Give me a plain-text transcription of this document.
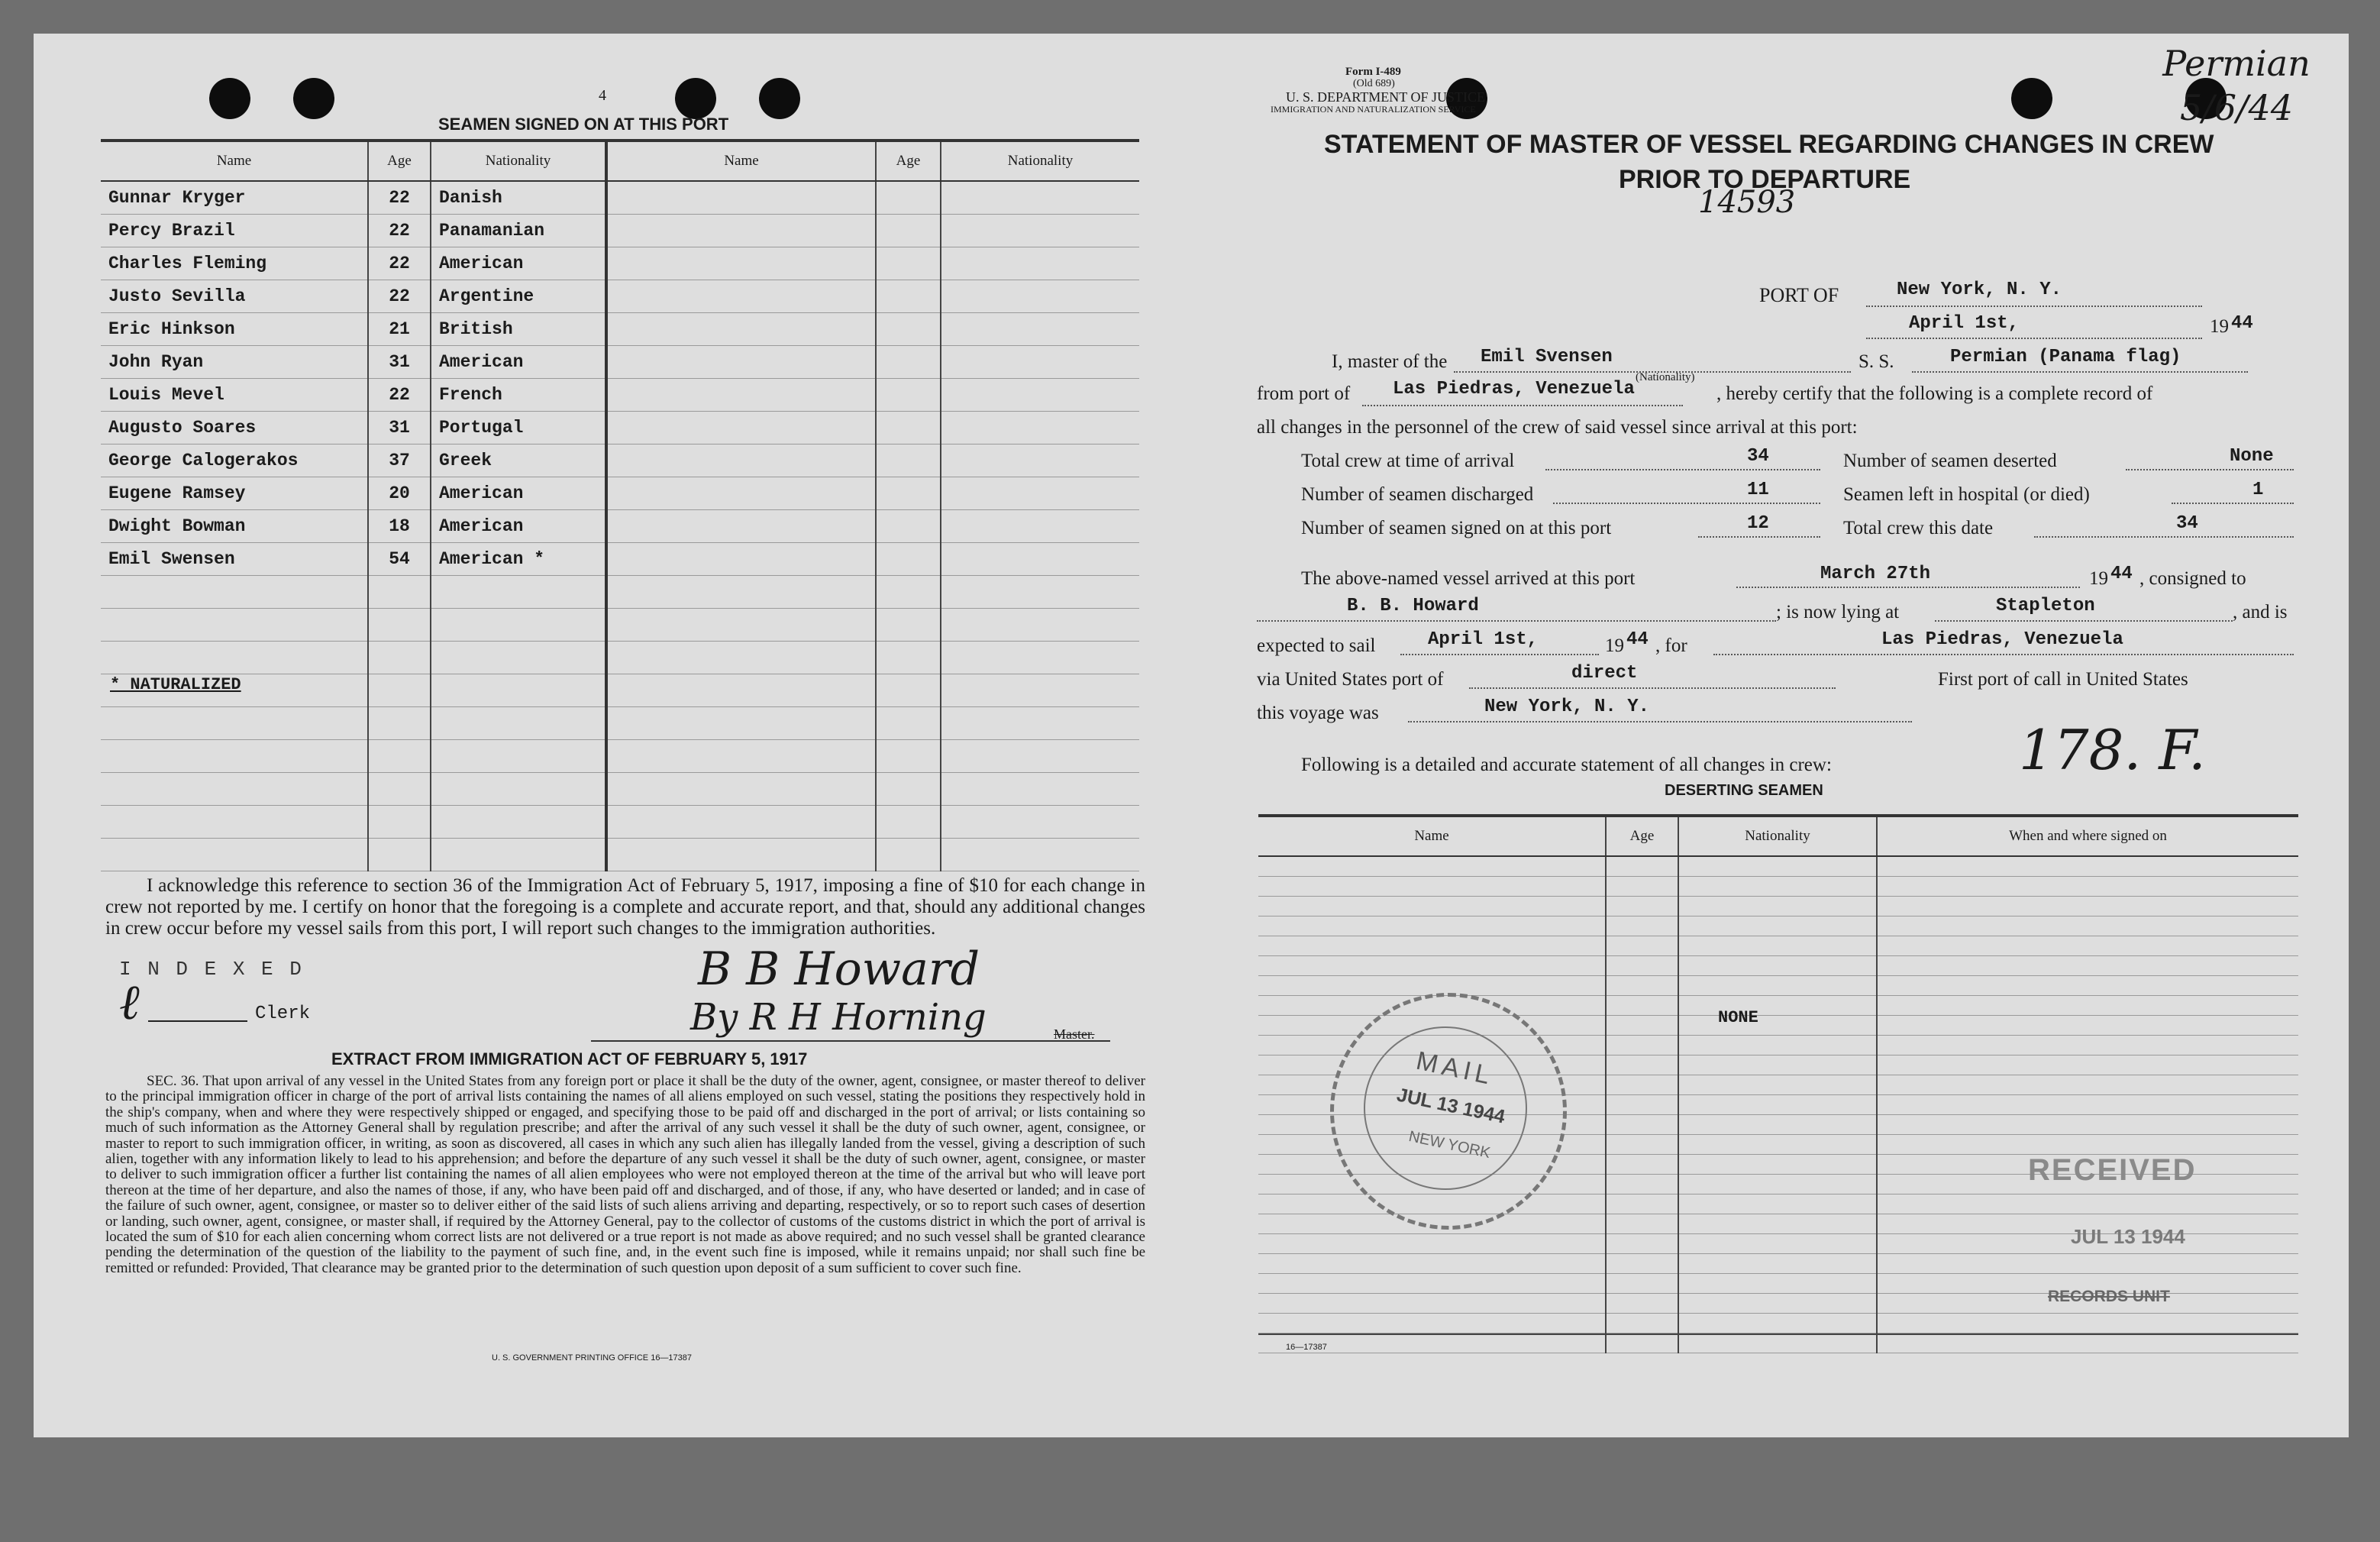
4
SEAMEN SIGNED ON AT THIS PORT
Name	Age	Nationality	Name	Age	Nationality
Gunnar Kryger	22	Danish			
Percy Brazil	22	Panamanian			
Charles Fleming	22	American			
Justo Sevilla	22	Argentine			
Eric Hinkson	21	British			
John Ryan	31	American			
Louis Mevel	22	French			
Augusto Soares	31	Portugal			
George Calogerakos	37	Greek			
Eugene Ramsey	20	American			
Dwight Bowman	18	American			
Emil Swensen	54	American *			

* NATURALIZED
I acknowledge this reference to section 36 of the Immigration Act of February 5, 1917, imposing a fine of $10 for each change in crew not reported by me. I certify on honor that the foregoing is a complete and accurate report, and that, should any additional changes in crew occur before my vessel sails from this port, I will report such changes to the immigration authorities.
I N D E X E D
ℓ	Clerk
B B Howard
By R H Horning	Master.
EXTRACT FROM IMMIGRATION ACT OF FEBRUARY 5, 1917
SEC. 36. That upon arrival of any vessel in the United States from any foreign port or place it shall be the duty of the owner, agent, consignee, or master thereof to deliver to the principal immigration officer in charge of the port of arrival lists containing the names of all aliens employed on such vessel, stating the positions they respectively hold in the ship's company, when and where they were respectively shipped or engaged, and specifying those to be paid off and discharged in the port of arrival; or lists containing so much of such information as the Attorney General shall by regulation prescribe; and after the arrival of any such vessel it shall be the duty of such owner, agent, consignee, or master to report to such immigration officer, in writing, as soon as discovered, all cases in which any such alien has illegally landed from the vessel, giving a description of such alien, together with any information likely to lead to his apprehension; and before the departure of any such vessel it shall be the duty of such owner, agent, consignee, or master to deliver to such immigration officer a further list containing the names of all alien employees who were not employed thereon at the time of the arrival but who will leave port thereon at the time of her departure, and also the names of those, if any, who have been paid off and discharged, and of those, if any, who have deserted or landed; and in case of the failure of such owner, agent, consignee, or master so to deliver either of the said lists of such aliens arriving and departing, respectively, or so to report such cases of desertion or landing, such owner, agent, consignee, or master shall, if required by the Attorney General, pay to the collector of customs of the customs district in which the port of arrival is located the sum of $10 for each alien concerning whom correct lists are not delivered or a true report is not made as above required; and no such vessel shall be granted clearance pending the determination of the question of the liability to the payment of such fine, and, in the event such fine is imposed, while it remains unpaid; nor shall such fine be remitted or refunded: Provided, That clearance may be granted prior to the determination of such question upon deposit of a sum sufficient to cover such fine.
U. S. GOVERNMENT PRINTING OFFICE 16—17387
Form I-489
(Old 689)
U. S. DEPARTMENT OF JUSTICE
IMMIGRATION AND NATURALIZATION SERVICE
Permian 5/6/44
STATEMENT OF MASTER OF VESSEL REGARDING CHANGES IN CREW
PRIOR TO DEPARTURE
14593
PORT OF	New York, N. Y.
April 1st,	19 44
I, master of the Emil Svensen
(Nationality)
S. S.	Permian (Panama flag)
from port of Las Piedras, Venezuela	, hereby certify that the following is a complete record of
all changes in the personnel of the crew of said vessel since arrival at this port:
Total crew at time of arrival	34
Number of seamen discharged	11
Number of seamen signed on at this port	12
Number of seamen deserted	None
Seamen left in hospital (or died)	1
Total crew this date	34
The above-named vessel arrived at this port	March 27th	19 44 , consigned to
B. B. Howard	; is now lying at	Stapleton	, and is
expected to sail	April 1st,	19 44 , for	Las Piedras, Venezuela
via United States port of	direct	First port of call in United States
this voyage was	New York, N. Y.
Following is a detailed and accurate statement of all changes in crew:	178. F.
DESERTING SEAMEN
Name	Age	Nationality	When and where signed on

NONE
MAIL
JUL 13 1944
NEW YORK
RECEIVED
JUL 13 1944
RECORDS UNIT
16—17387
